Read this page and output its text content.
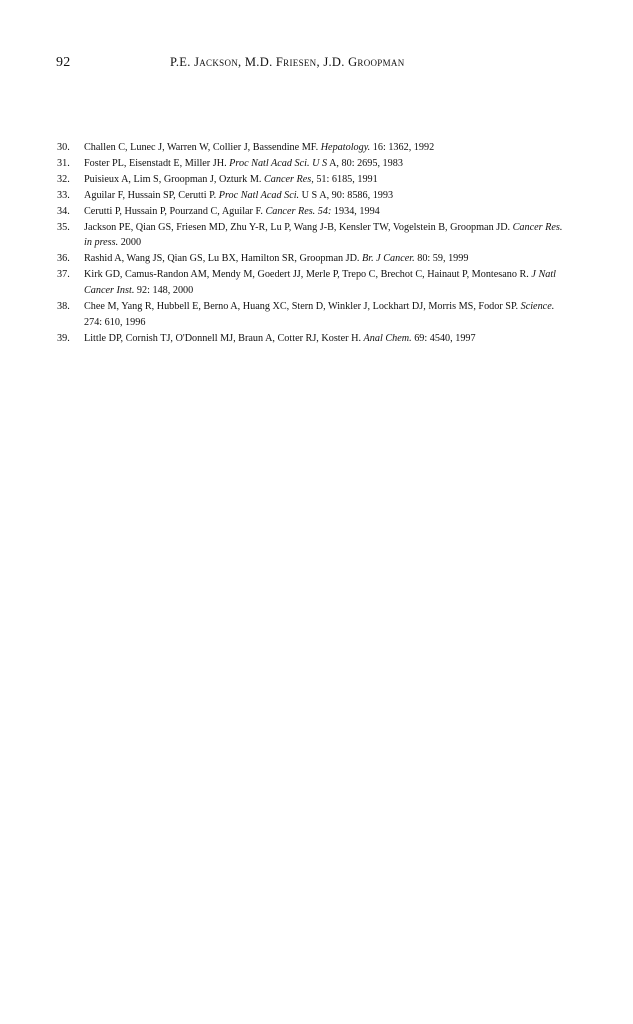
92	P.E. Jackson, M.D. Friesen, J.D. Groopman
30.	Challen C, Lunec J, Warren W, Collier J, Bassendine MF. Hepatology. 16: 1362, 1992
31.	Foster PL, Eisenstadt E, Miller JH. Proc Natl Acad Sci. U S A, 80: 2695, 1983
32.	Puisieux A, Lim S, Groopman J, Ozturk M. Cancer Res, 51: 6185, 1991
33.	Aguilar F, Hussain SP, Cerutti P. Proc Natl Acad Sci. U S A, 90: 8586, 1993
34.	Cerutti P, Hussain P, Pourzand C, Aguilar F. Cancer Res. 54: 1934, 1994
35.	Jackson PE, Qian GS, Friesen MD, Zhu Y-R, Lu P, Wang J-B, Kensler TW, Vogelstein B, Groopman JD. Cancer Res. in press. 2000
36.	Rashid A, Wang JS, Qian GS, Lu BX, Hamilton SR, Groopman JD. Br. J Cancer. 80: 59, 1999
37.	Kirk GD, Camus-Randon AM, Mendy M, Goedert JJ, Merle P, Trepo C, Brechot C, Hainaut P, Montesano R. J Natl Cancer Inst. 92: 148, 2000
38.	Chee M, Yang R, Hubbell E, Berno A, Huang XC, Stern D, Winkler J, Lockhart DJ, Morris MS, Fodor SP. Science. 274: 610, 1996
39.	Little DP, Cornish TJ, O'Donnell MJ, Braun A, Cotter RJ, Koster H. Anal Chem. 69: 4540, 1997
